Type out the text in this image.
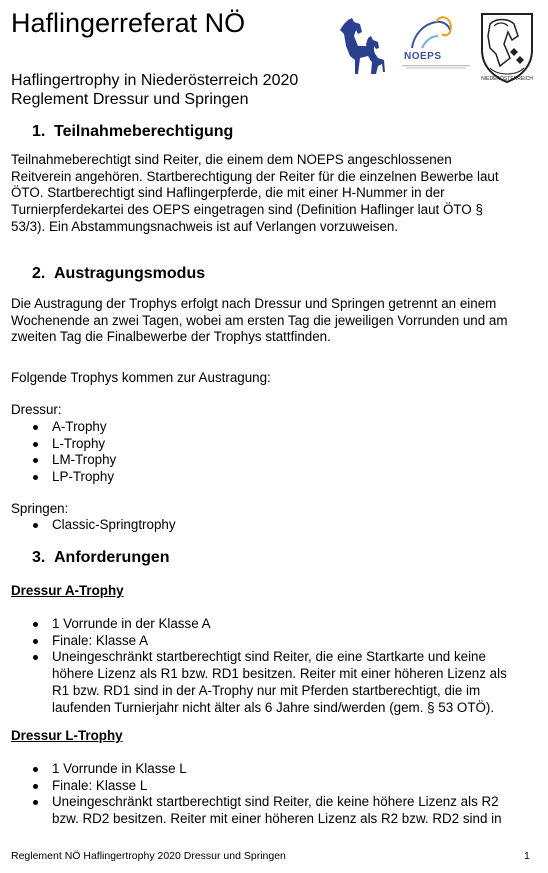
Haflingerreferat NÖ
NOEPS
NIEDERÖSTERREICH
Haflingertrophy in Niederösterreich 2020
Reglement Dressur und Springen
1. Teilnahmeberechtigung
Teilnahmeberechtigt sind Reiter, die einem dem NOEPS angeschlossenen
Reitverein angehören. Startberechtigung der Reiter für die einzelnen Bewerbe laut
ÖTO. Startberechtigt sind Haflingerpferde, die mit einer H-Nummer in der
Turnierpferdekartei des OEPS eingetragen sind (Definition Haflinger laut ÖTO §
53/3). Ein Abstammungsnachweis ist auf Verlangen vorzuweisen.
2. Austragungsmodus
Die Austragung der Trophys erfolgt nach Dressur und Springen getrennt an einem
Wochenende an zwei Tagen, wobei am ersten Tag die jeweiligen Vorrunden und am
zweiten Tag die Finalbewerbe der Trophys stattfinden.
Folgende Trophys kommen zur Austragung:
Dressur:
A-Trophy
L-Trophy
LM-Trophy
LP-Trophy
Springen:
Classic-Springtrophy
3. Anforderungen
Dressur A-Trophy
1 Vorrunde in der Klasse A
Finale: Klasse A
Uneingeschränkt startberechtigt sind Reiter, die eine Startkarte und keine
höhere Lizenz als R1 bzw. RD1 besitzen. Reiter mit einer höheren Lizenz als
R1 bzw. RD1 sind in der A-Trophy nur mit Pferden startberechtigt, die im
laufenden Turnierjahr nicht älter als 6 Jahre sind/werden (gem. § 53 OTÖ).
Dressur L-Trophy
1 Vorrunde in Klasse L
Finale: Klasse L
Uneingeschränkt startberechtigt sind Reiter, die keine höhere Lizenz als R2
bzw. RD2 besitzen. Reiter mit einer höheren Lizenz als R2 bzw. RD2 sind in
Reglement NÖ Haflingertrophy 2020 Dressur und Springen	1
